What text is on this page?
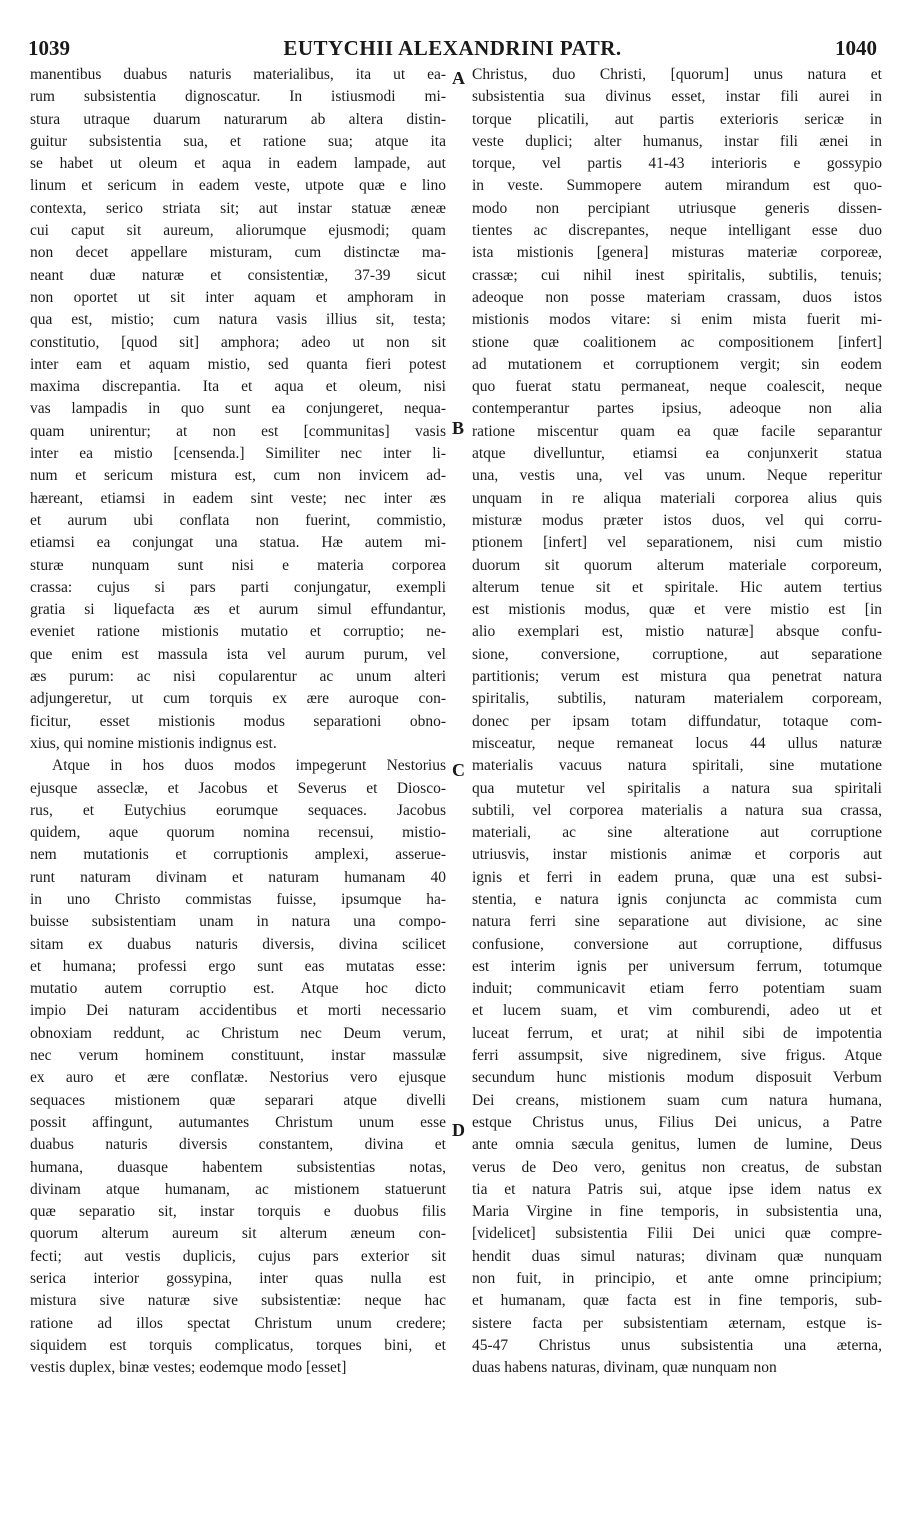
1039	EUTYCHII ALEXANDRINI PATR.	1040
manentibus duabus naturis materialibus, ita ut ea-
rum subsistentia dignoscatur. In istiusmodi mi-
stura utraque duarum naturarum ab altera distin-
guitur subsistentia sua, et ratione sua; atque ita
se habet ut oleum et aqua in eadem lampade, aut
linum et sericum in eadem veste, utpote quæ e lino
contexta, serico striata sit; aut instar statuæ æneæ
cui caput sit aureum, aliorumque ejusmodi; quam
non decet appellare misturam, cum distinctæ ma-
neant duæ naturæ et consistentiæ, 37-39 sicut
non oportet ut sit inter aquam et amphoram in
qua est, mistio; cum natura vasis illius sit, testa;
constitutio, [quod sit] amphora; adeo ut non sit
inter eam et aquam mistio, sed quanta fieri potest
maxima discrepantia. Ita et aqua et oleum, nisi
vas lampadis in quo sunt ea conjungeret, nequa-
quam unirentur; at non est [communitas] vasis
inter ea mistio [censenda.] Similiter nec inter li-
num et sericum mistura est, cum non invicem ad-
hæreant, etiamsi in eadem sint veste; nec inter æs
et aurum ubi conflata non fuerint, commistio,
etiamsi ea conjungat una statua. Hæ autem mi-
sturæ nunquam sunt nisi e materia corporea
crassa: cujus si pars parti conjungatur, exempli
gratia si liquefacta æs et aurum simul effundantur,
eveniet ratione mistionis mutatio et corruptio; ne-
que enim est massula ista vel aurum purum, vel
æs purum: ac nisi copularentur ac unum alteri
adjungeretur, ut cum torquis ex ære auroque con-
ficitur, esset mistionis modus separationi obno-
xius, qui nomine mistionis indignus est.
Atque in hos duos modos impegerunt Nestorius
ejusque asseclæ, et Jacobus et Severus et Diosco-
rus, et Eutychius eorumque sequaces. Jacobus
quidem, aque quorum nomina recensui, mistio-
nem mutationis et corruptionis amplexi, asserue-
runt naturam divinam et naturam humanam 40
in uno Christo commistas fuisse, ipsumque ha-
buisse subsistentiam unam in natura una compo-
sitam ex duabus naturis diversis, divina scilicet
et humana; professi ergo sunt eas mutatas esse:
mutatio autem corruptio est. Atque hoc dicto
impio Dei naturam accidentibus et morti necessario
obnoxiam reddunt, ac Christum nec Deum verum,
nec verum hominem constituunt, instar massulæ
ex auro et ære conflatæ. Nestorius vero ejusque
sequaces mistionem quæ separari atque divelli
possit affingunt, autumantes Christum unum esse
duabus naturis diversis constantem, divina et
humana, duasque habentem subsistentias notas,
divinam atque humanam, ac mistionem statuerunt
quæ separatio sit, instar torquis e duobus filis
quorum alterum aureum sit alterum æneum con-
fecti; aut vestis duplicis, cujus pars exterior sit
serica interior gossypina, inter quas nulla est
mistura sive naturæ sive subsistentiæ: neque hac
ratione ad illos spectat Christum unum credere;
siquidem est torquis complicatus, torques bini, et
vestis duplex, binæ vestes; eodemque modo [esset]
Christus, duo Christi, [quorum] unus natura et
subsistentia sua divinus esset, instar fili aurei in
torque plicatili, aut partis exterioris sericæ in
veste duplici; alter humanus, instar fili ænei in
torque, vel partis 41-43 interioris e gossypio
in veste. Summopere autem mirandum est quo-
modo non percipiant utriusque generis dissen-
tientes ac discrepantes, neque intelligant esse duo
ista mistionis [genera] misturas materiæ corporeæ,
crassæ; cui nihil inest spiritalis, subtilis, tenuis;
adeoque non posse materiam crassam, duos istos
mistionis modos vitare: si enim mista fuerit mi-
stione quæ coalitionem ac compositionem [infert]
ad mutationem et corruptionem vergit; sin eodem
quo fuerat statu permaneat, neque coalescit, neque
contemperantur partes ipsius, adeoque non alia
ratione miscentur quam ea quæ facile separantur
atque divelluntur, etiamsi ea conjunxerit statua
una, vestis una, vel vas unum. Neque reperitur
unquam in re aliqua materiali corporea alius quis
misturæ modus præter istos duos, vel qui corru-
ptionem [infert] vel separationem, nisi cum mistio
duorum sit quorum alterum materiale corporeum,
alterum tenue sit et spiritale. Hic autem tertius
est mistionis modus, quæ et vere mistio est [in
alio exemplari est, mistio naturæ] absque confu-
sione, conversione, corruptione, aut separatione
partitionis; verum est mistura qua penetrat natura
spiritalis, subtilis, naturam materialem corpoream,
donec per ipsam totam diffundatur, totaque com-
misceatur, neque remaneat locus 44 ullus naturæ
materialis vacuus natura spiritali, sine mutatione
qua mutetur vel spiritalis a natura sua spiritali
subtili, vel corporea materialis a natura sua crassa,
materiali, ac sine alteratione aut corruptione
utriusvis, instar mistionis animæ et corporis aut
ignis et ferri in eadem pruna, quæ una est subsi-
stentia, e natura ignis conjuncta ac commista cum
natura ferri sine separatione aut divisione, ac sine
confusione, conversione aut corruptione, diffusus
est interim ignis per universum ferrum, totumque
induit; communicavit etiam ferro potentiam suam
et lucem suam, et vim comburendi, adeo ut et
luceat ferrum, et urat; at nihil sibi de impotentia
ferri assumpsit, sive nigredinem, sive frigus. Atque
secundum hunc mistionis modum disposuit Verbum
Dei creans, mistionem suam cum natura humana,
estque Christus unus, Filius Dei unicus, a Patre
ante omnia sæcula genitus, lumen de lumine, Deus
verus de Deo vero, genitus non creatus, de substan
tia et natura Patris sui, atque ipse idem natus ex
Maria Virgine in fine temporis, in subsistentia una,
[videlicet] subsistentia Filii Dei unici quæ compre-
hendit duas simul naturas; divinam quæ nunquam
non fuit, in principio, et ante omne principium;
et humanam, quæ facta est in fine temporis, sub-
sistere facta per subsistentiam æternam, estque is-
45-47 Christus unus subsistentia una æterna,
duas habens naturas, divinam, quæ nunquam non
A
B
C
D
